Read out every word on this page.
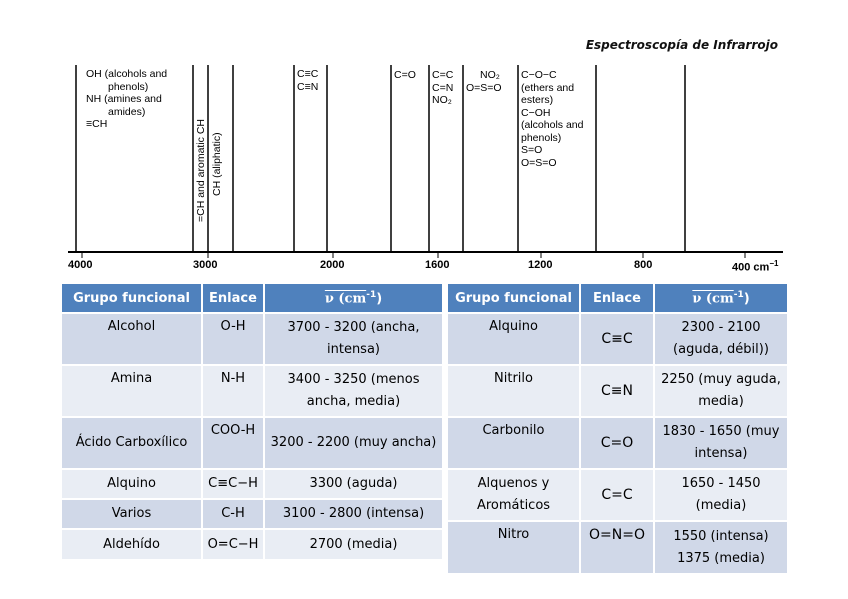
Espectroscopía de Infrarrojo
OH (alcohols and
phenols)
NH (amines and
amides)
≡CH	=CH and aromatic CH CH (aliphatic)
C≡C
C≡N
C=O C=C
C=N
NO₂
NO₂
O=S=O
C−O−C
(ethers and
esters)
C−OH
(alcohols and
phenols)
S=O
O=S=O
4000	3000	2000	1600	1200	800	400 $cm^{-1}$
Grupo funcional	Enlace	ν $(cm^{-1})$
Alcohol	O-H	3700 - 3200 (ancha, intensa)
Amina	N-H	3400 - 3250 (menos ancha, media)
Ácido Carboxílico	COO-H	3200 - 2200 (muy ancha)
Alquino	C≡C−H	3300 (aguda)
Varios	C-H	3100 - 2800 (intensa)
Aldehído	O=C−H	2700 (media)
Grupo funcional	Enlace	ν $(cm^{-1})$
Alquino	C≡C	2300 - 2100 (aguda, débil))
Nitrilo	C≡N	2250 (muy aguda, media)
Carbonilo	C=O	1830 - 1650 (muy intensa)
Alquenos y Aromáticos	C=C	1650 - 1450 (media)
Nitro	O=N=O	1550 (intensa) 1375 (media)
